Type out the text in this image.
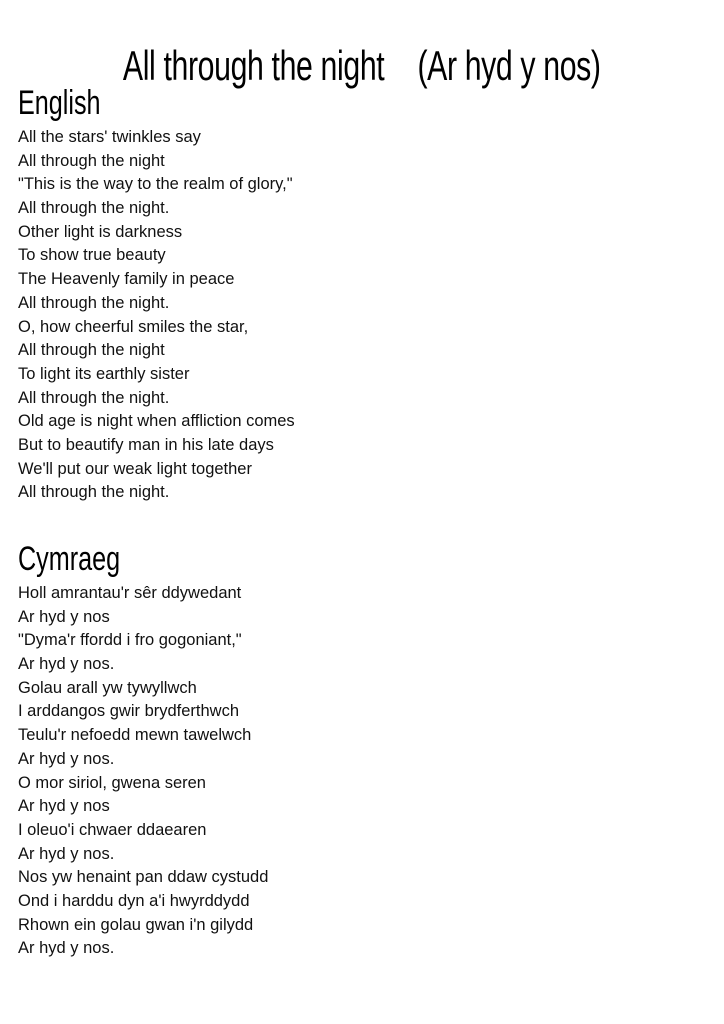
All through the night (Ar hyd y nos)
English
All the stars' twinkles say
All through the night
"This is the way to the realm of glory,"
All through the night.
Other light is darkness
To show true beauty
The Heavenly family in peace
All through the night.
O, how cheerful smiles the star,
All through the night
To light its earthly sister
All through the night.
Old age is night when affliction comes
But to beautify man in his late days
We'll put our weak light together
All through the night.
Cymraeg
Holl amrantau'r sêr ddywedant
Ar hyd y nos
"Dyma'r ffordd i fro gogoniant,"
Ar hyd y nos.
Golau arall yw tywyllwch
I arddangos gwir brydferthwch
Teulu'r nefoedd mewn tawelwch
Ar hyd y nos.
O mor siriol, gwena seren
Ar hyd y nos
I oleuo'i chwaer ddaearen
Ar hyd y nos.
Nos yw henaint pan ddaw cystudd
Ond i harddu dyn a'i hwyrddydd
Rhown ein golau gwan i'n gilydd
Ar hyd y nos.
